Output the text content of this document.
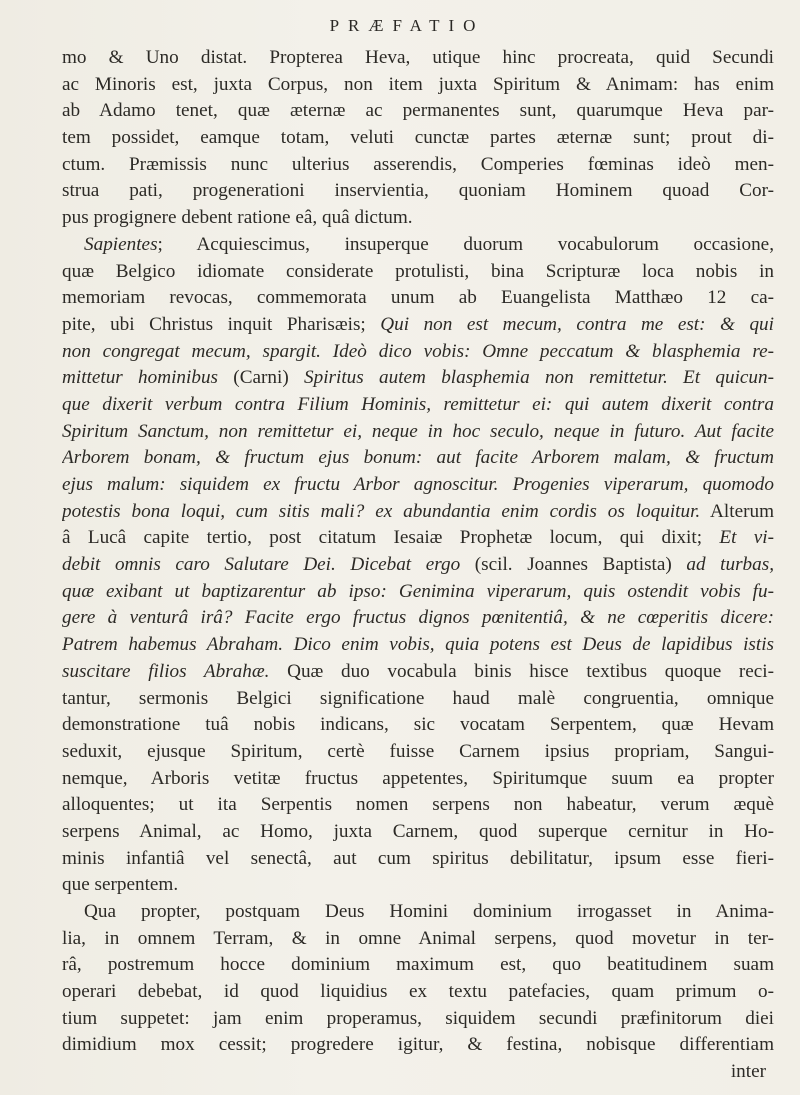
PRÆFATIO
mo & Uno distat. Propterea Heva, utique hinc procreata, quid Secundi
ac Minoris est, juxta Corpus, non item juxta Spiritum & Animam: has enim
ab Adamo tenet, quæ æternæ ac permanentes sunt, quarumque Heva par-
tem possidet, eamque totam, veluti cunctæ partes æternæ sunt; prout di-
ctum. Præmissis nunc ulterius asserendis, Comperies fœminas ideò men-
strua pati, progenerationi inservientia, quoniam Hominem quoad Cor-
pus progignere debent ratione eâ, quâ dictum.
Sapientes; Acquiescimus, insuperque duorum vocabulorum occasione,
quæ Belgico idiomate considerate protulisti, bina Scripturæ loca nobis in
memoriam revocas, commemorata unum ab Euangelista Matthæo 12 ca-
pite, ubi Christus inquit Pharisæis; Qui non est mecum, contra me est: & qui
non congregat mecum, spargit. Ideò dico vobis: Omne peccatum & blasphemia re-
mittetur hominibus (Carni) Spiritus autem blasphemia non remittetur. Et quicun-
que dixerit verbum contra Filium Hominis, remittetur ei: qui autem dixerit contra
Spiritum Sanctum, non remittetur ei, neque in hoc seculo, neque in futuro. Aut facite
Arborem bonam, & fructum ejus bonum: aut facite Arborem malam, & fructum
ejus malum: siquidem ex fructu Arbor agnoscitur. Progenies viperarum, quomodo
potestis bona loqui, cum sitis mali? ex abundantia enim cordis os loquitur. Alterum
â Lucâ capite tertio, post citatum Iesaiæ Prophetæ locum, qui dixit; Et vi-
debit omnis caro Salutare Dei. Dicebat ergo (scil. Joannes Baptista) ad turbas,
quæ exibant ut baptizarentur ab ipso: Genimina viperarum, quis ostendit vobis fu-
gere à venturâ irâ? Facite ergo fructus dignos pœnitentiâ, & ne cœperitis dicere:
Patrem habemus Abraham. Dico enim vobis, quia potens est Deus de lapidibus istis
suscitare filios Abrahæ. Quæ duo vocabula binis hisce textibus quoque reci-
tantur, sermonis Belgici significatione haud malè congruentia, omnique
demonstratione tuâ nobis indicans, sic vocatam Serpentem, quæ Hevam
seduxit, ejusque Spiritum, certè fuisse Carnem ipsius propriam, Sangui-
nemque, Arboris vetitæ fructus appetentes, Spiritumque suum ea propter
alloquentes; ut ita Serpentis nomen serpens non habeatur, verum æquè
serpens Animal, ac Homo, juxta Carnem, quod superque cernitur in Ho-
minis infantiâ vel senectâ, aut cum spiritus debilitatur, ipsum esse fieri-
que serpentem.
Qua propter, postquam Deus Homini dominium irrogasset in Anima-
lia, in omnem Terram, & in omne Animal serpens, quod movetur in ter-
râ, postremum hocce dominium maximum est, quo beatitudinem suam
operari debebat, id quod liquidius ex textu patefacies, quam primum o-
tium suppetet: jam enim properamus, siquidem secundi præfinitorum diei
dimidium mox cessit; progredere igitur, & festina, nobisque differentiam
inter
